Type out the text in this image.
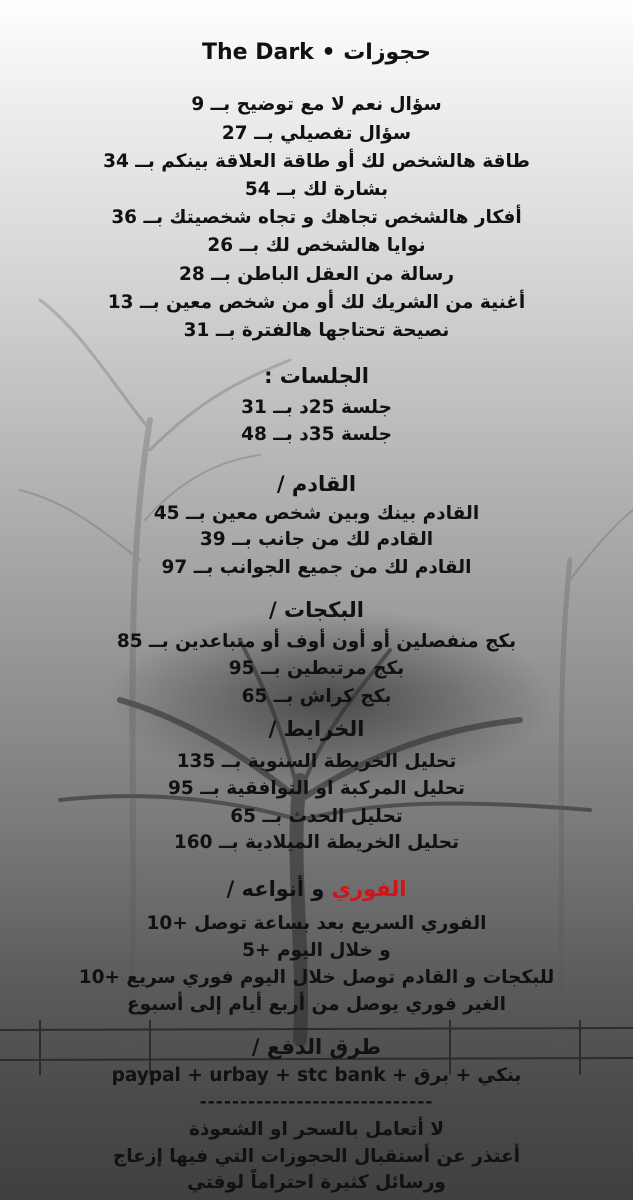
حجوزات • The Dark
سؤال نعم لا مع توضيح بــ 9
سؤال تفصيلي بــ 27
طاقة هالشخص لك أو طاقة العلاقة بينكم بــ 34
بشارة لك بــ 54
أفكار هالشخص تجاهك و تجاه شخصيتك بــ 36
نوايا هالشخص لك بــ 26
رسالة من العقل الباطن بــ 28
أغنية من الشريك لك أو من شخص معين بــ 13
نصيحة تحتاجها هالفترة بــ 31
الجلسات :
جلسة 25د بــ 31
جلسة 35د بــ 48
القادم /
القادم بينك وبين شخص معين بــ 45
القادم لك من جانب بــ 39
القادم لك من جميع الجوانب بــ 97
البكجات /
بكج منفصلين أو أون أوف أو متباعدين بــ 85
بكج مرتبطين بــ 95
بكج كراش بــ 65
الخرايط /
تحليل الخريطة السنوية بــ 135
تحليل المركبة او التوافقية بــ 95
تحليل الحدث بــ 65
تحليل الخريطة الميلادية بــ 160
الفوري و أنواعه /
الفوري السريع بعد بساعة توصل +10
و خلال اليوم +5
للبكجات و القادم توصل خلال اليوم فوري سريع +10
الغير فوري يوصل من أربع أيام إلى أسبوع
طرق الدفع /
paypal + urbay + stc bank + بنكي + برق
-----------------------------
لا أتعامل بالسحر او الشعوذة
أعتذر عن أستقبال الحجوزات التي فيها إزعاج
ورسائل كثيرة احتراماً لوقتي
